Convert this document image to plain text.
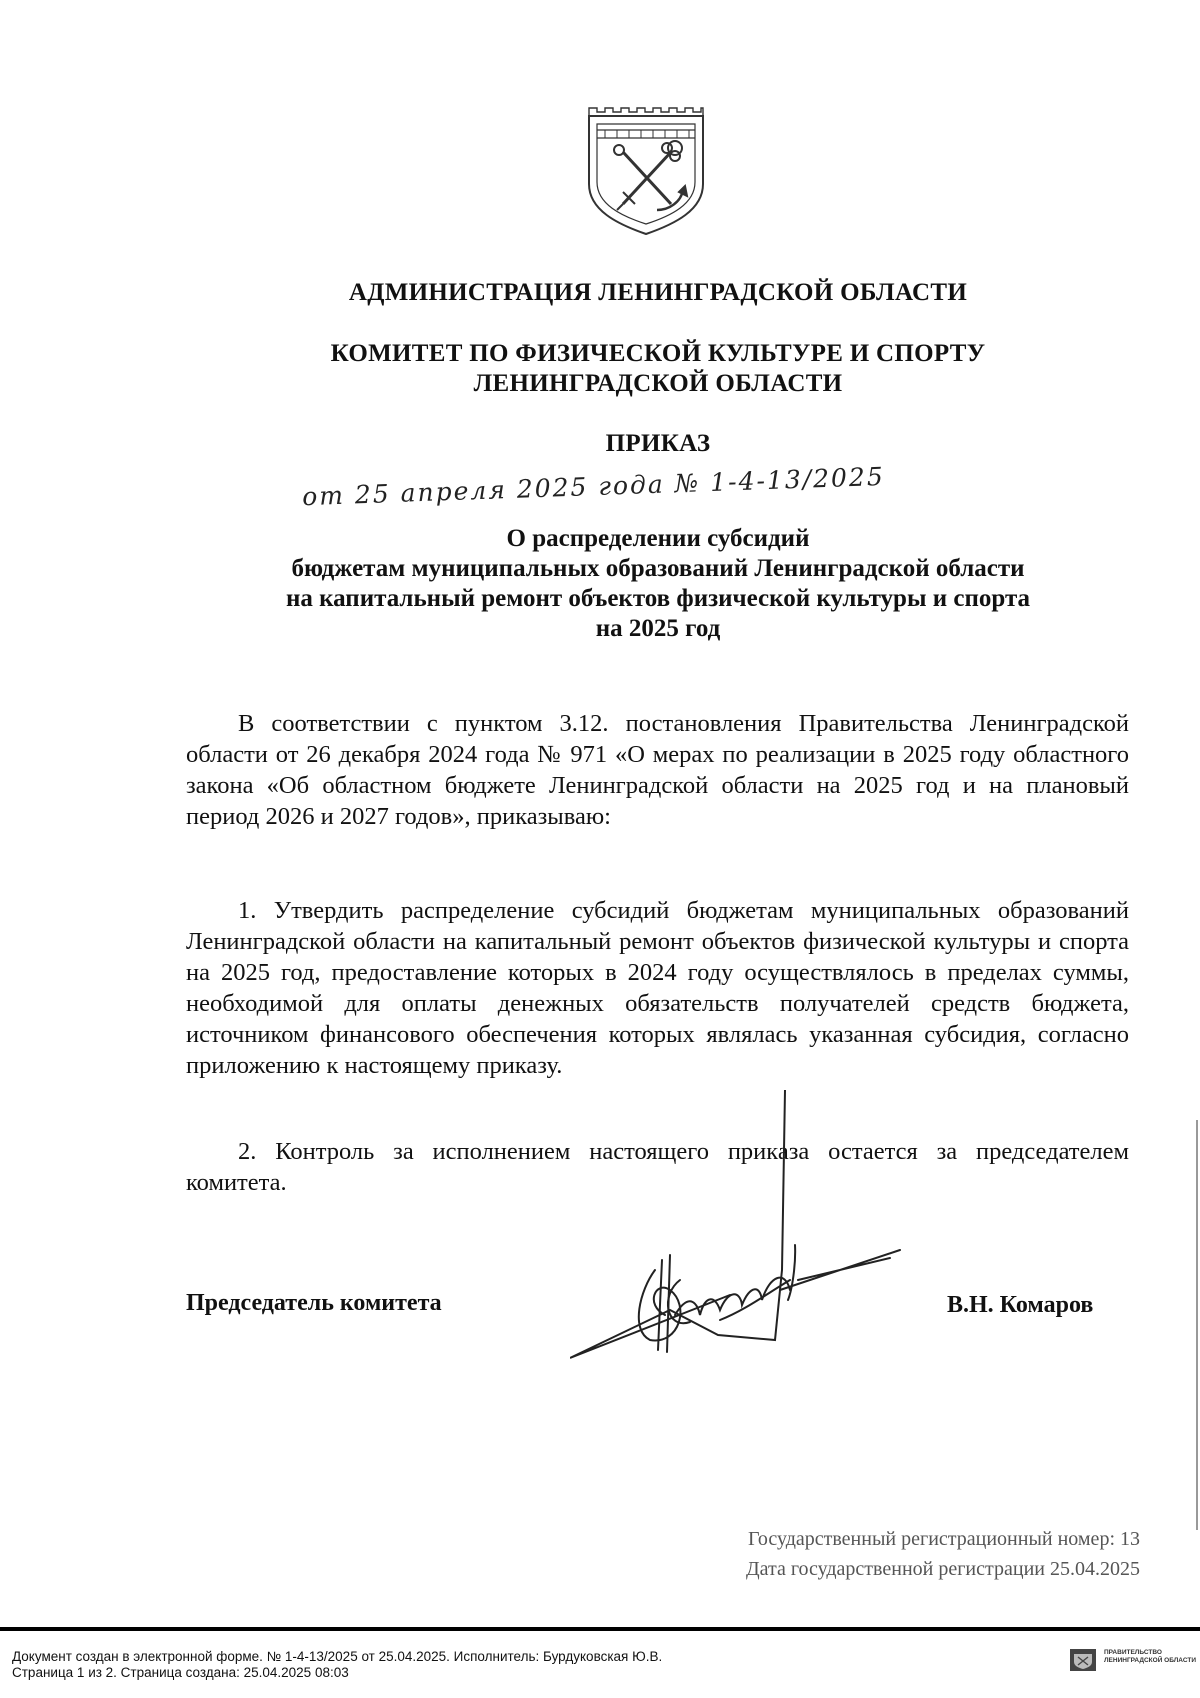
АДМИНИСТРАЦИЯ ЛЕНИНГРАДСКОЙ ОБЛАСТИ
КОМИТЕТ ПО ФИЗИЧЕСКОЙ КУЛЬТУРЕ И СПОРТУ
ЛЕНИНГРАДСКОЙ ОБЛАСТИ
ПРИКАЗ
от 25 апреля 2025 года № 1-4-13/2025
О распределении субсидий
бюджетам муниципальных образований Ленинградской области
на капитальный ремонт объектов физической культуры и спорта
на 2025 год

В соответствии с пунктом 3.12. постановления Правительства Ленинградской области от 26 декабря 2024 года № 971 «О мерах по реализации в 2025 году областного закона «Об областном бюджете Ленинградской области на 2025 год и на плановый период 2026 и 2027 годов», приказываю:

1. Утвердить распределение субсидий бюджетам муниципальных образований Ленинградской области на капитальный ремонт объектов физической культуры и спорта на 2025 год, предоставление которых в 2024 году осуществлялось в пределах суммы, необходимой для оплаты денежных обязательств получателей средств бюджета, источником финансового обеспечения которых являлась указанная субсидия, согласно приложению к настоящему приказу.

2. Контроль за исполнением настоящего приказа остается за председателем комитета.

Председатель комитета	В.Н. Комаров
Государственный регистрационный номер: 13
Дата государственной регистрации 25.04.2025
Документ создан в электронной форме. № 1-4-13/2025 от 25.04.2025. Исполнитель: Бурдуковская Ю.В.
Страница 1 из 2. Страница создана: 25.04.2025 08:03
ПРАВИТЕЛЬСТВО ЛЕНИНГРАДСКОЙ ОБЛАСТИ
